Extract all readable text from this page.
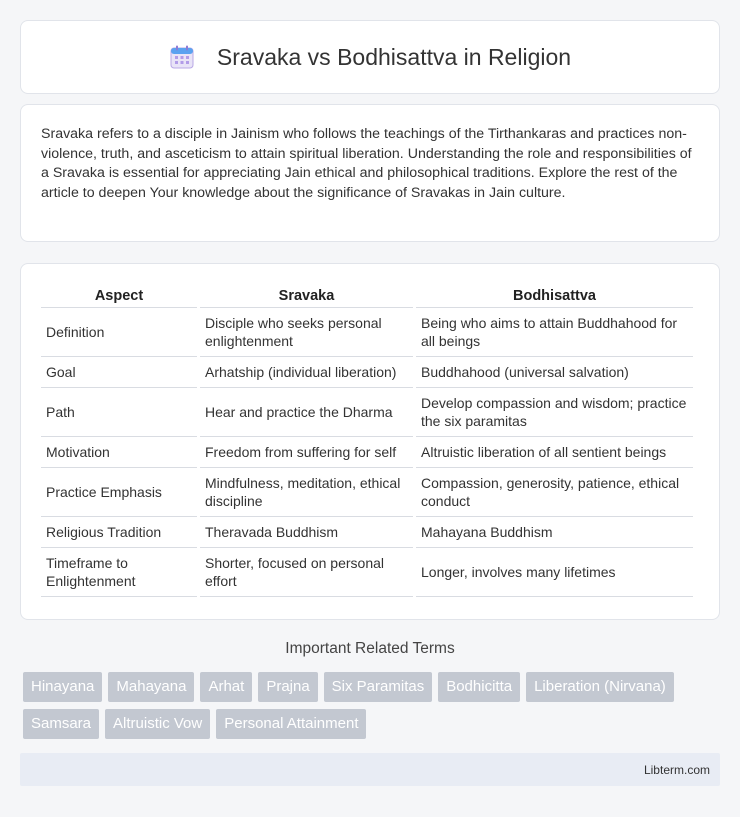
Sravaka vs Bodhisattva in Religion

Sravaka refers to a disciple in Jainism who follows the teachings of the Tirthankaras and practices non-violence, truth, and asceticism to attain spiritual liberation. Understanding the role and responsibilities of a Sravaka is essential for appreciating Jain ethical and philosophical traditions. Explore the rest of the article to deepen Your knowledge about the significance of Sravakas in Jain culture.

Aspect	Sravaka	Bodhisattva
Definition	Disciple who seeks personal enlightenment	Being who aims to attain Buddhahood for all beings
Goal	Arhatship (individual liberation)	Buddhahood (universal salvation)
Path	Hear and practice the Dharma	Develop compassion and wisdom; practice the six paramitas
Motivation	Freedom from suffering for self	Altruistic liberation of all sentient beings
Practice Emphasis	Mindfulness, meditation, ethical discipline	Compassion, generosity, patience, ethical conduct
Religious Tradition	Theravada Buddhism	Mahayana Buddhism
Timeframe to Enlightenment	Shorter, focused on personal effort	Longer, involves many lifetimes
Important Related Terms
Hinayana	Mahayana	Arhat	Prajna	Six Paramitas	Bodhicitta	Liberation (Nirvana)
Samsara	Altruistic Vow	Personal Attainment
Libterm.com
